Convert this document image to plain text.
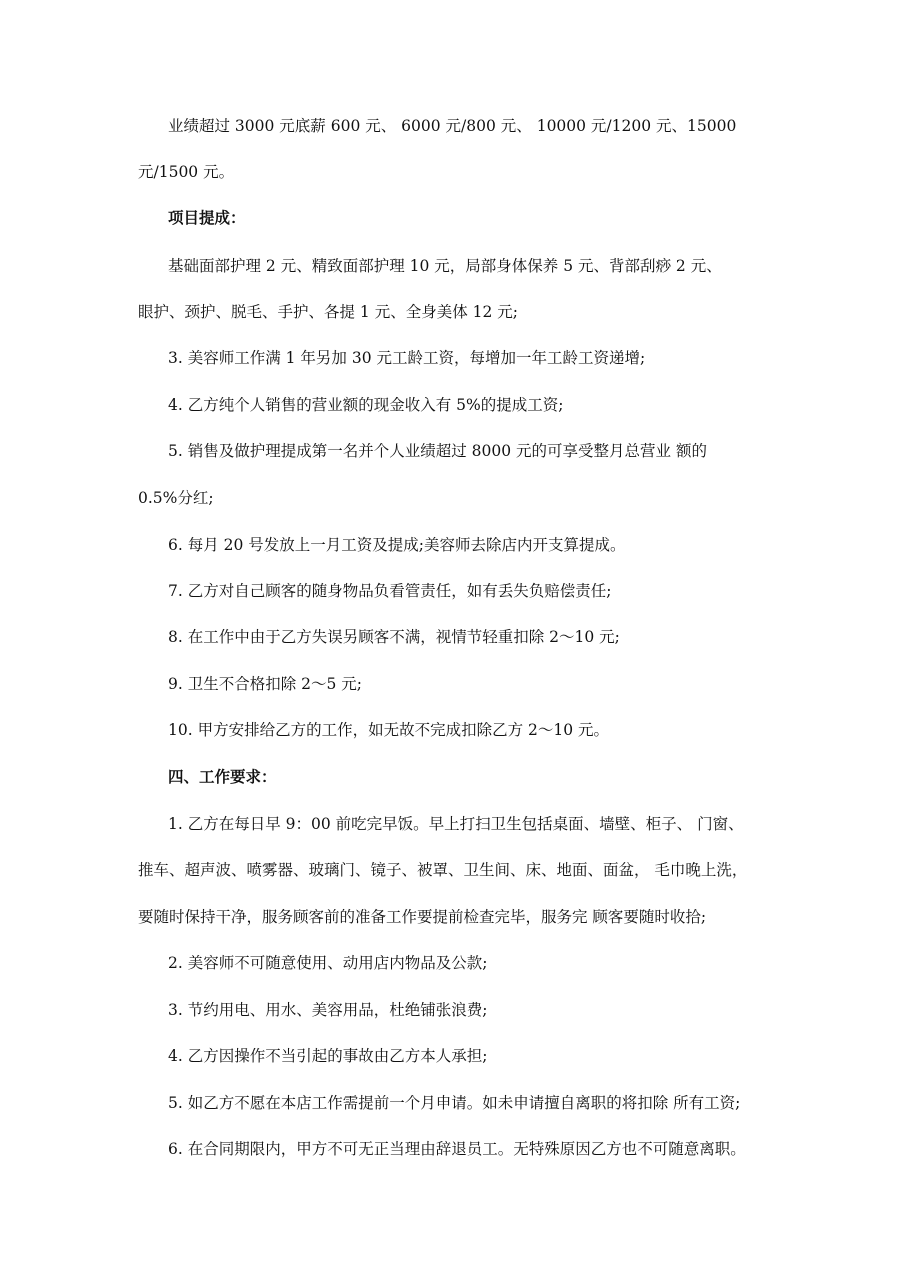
业绩超过 3000 元底薪 600 元、 6000 元/800 元、 10000 元/1200 元、15000

元/1500 元。

项目提成：

基础面部护理 2 元、精致面部护理 10 元，局部身体保养 5 元、背部刮痧 2 元、

眼护、颈护、脱毛、手护、各提 1 元、全身美体 12 元;

3. 美容师工作满 1 年另加 30 元工龄工资，每增加一年工龄工资递增;

4. 乙方纯个人销售的营业额的现金收入有 5%的提成工资;

5. 销售及做护理提成第一名并个人业绩超过 8000 元的可享受整月总营业 额的

0.5%分红;

6. 每月 20 号发放上一月工资及提成;美容师去除店内开支算提成。

7. 乙方对自己顾客的随身物品负看管责任，如有丢失负赔偿责任;

8. 在工作中由于乙方失误另顾客不满，视情节轻重扣除 2～10 元;

9. 卫生不合格扣除 2～5 元;

10. 甲方安排给乙方的工作，如无故不完成扣除乙方 2～10 元。

四、工作要求：

1. 乙方在每日早 9：00 前吃完早饭。早上打扫卫生包括桌面、墙壁、柜子、 门窗、

推车、超声波、喷雾器、玻璃门、镜子、被罩、卫生间、床、地面、面盆， 毛巾晚上洗，

要随时保持干净，服务顾客前的准备工作要提前检查完毕，服务完 顾客要随时收拾;

2. 美容师不可随意使用、动用店内物品及公款;

3. 节约用电、用水、美容用品，杜绝铺张浪费;

4. 乙方因操作不当引起的事故由乙方本人承担;

5. 如乙方不愿在本店工作需提前一个月申请。如未申请擅自离职的将扣除 所有工资;

6. 在合同期限内，甲方不可无正当理由辞退员工。无特殊原因乙方也不可随意离职。
